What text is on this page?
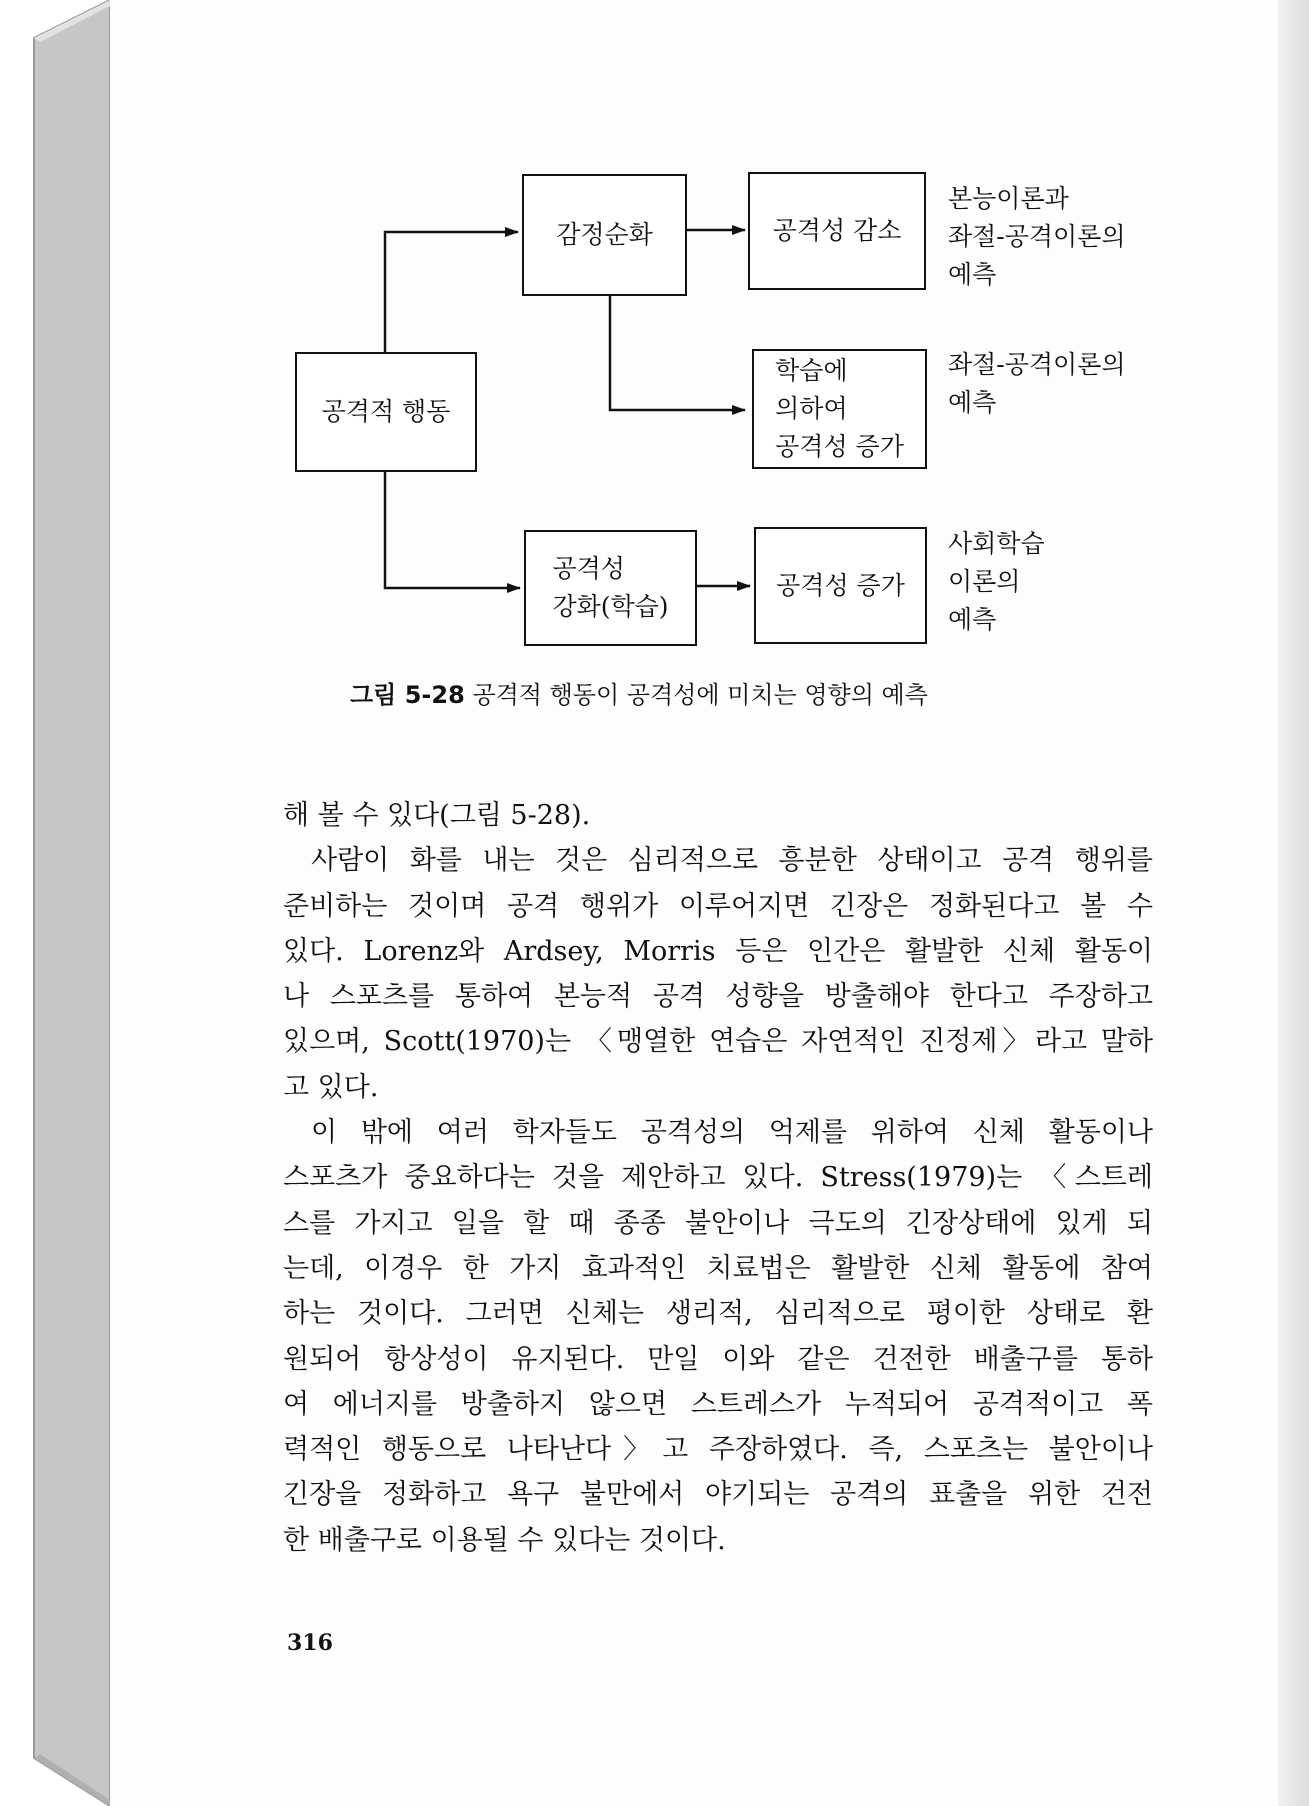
공격적 행동
감정순화	공격성 감소
학습에
의하여
공격성 증가
공격성
강화(학습)
공격성 증가
본능이론과
좌절-공격이론의
예측
좌절-공격이론의
예측
사회학습
이론의
예측
그림 5-28 공격적 행동이 공격성에 미치는 영향의 예측
해 볼 수 있다(그림 5-28).
사람이 화를 내는 것은 심리적으로 흥분한 상태이고 공격 행위를
준비하는 것이며 공격 행위가 이루어지면 긴장은 정화된다고 볼 수
있다. Lorenz와 Ardsey, Morris 등은 인간은 활발한 신체 활동이
나 스포츠를 통하여 본능적 공격 성향을 방출해야 한다고 주장하고
있으며, Scott(1970)는 〈맹열한 연습은 자연적인 진정제〉라고 말하
고 있다.
이 밖에 여러 학자들도 공격성의 억제를 위하여 신체 활동이나
스포츠가 중요하다는 것을 제안하고 있다. Stress(1979)는 〈스트레
스를 가지고 일을 할 때 종종 불안이나 극도의 긴장상태에 있게 되
는데, 이경우 한 가지 효과적인 치료법은 활발한 신체 활동에 참여
하는 것이다. 그러면 신체는 생리적, 심리적으로 평이한 상태로 환
원되어 항상성이 유지된다. 만일 이와 같은 건전한 배출구를 통하
여 에너지를 방출하지 않으면 스트레스가 누적되어 공격적이고 폭
력적인 행동으로 나타난다〉고 주장하였다. 즉, 스포츠는 불안이나
긴장을 정화하고 욕구 불만에서 야기되는 공격의 표출을 위한 건전
한 배출구로 이용될 수 있다는 것이다.
316
